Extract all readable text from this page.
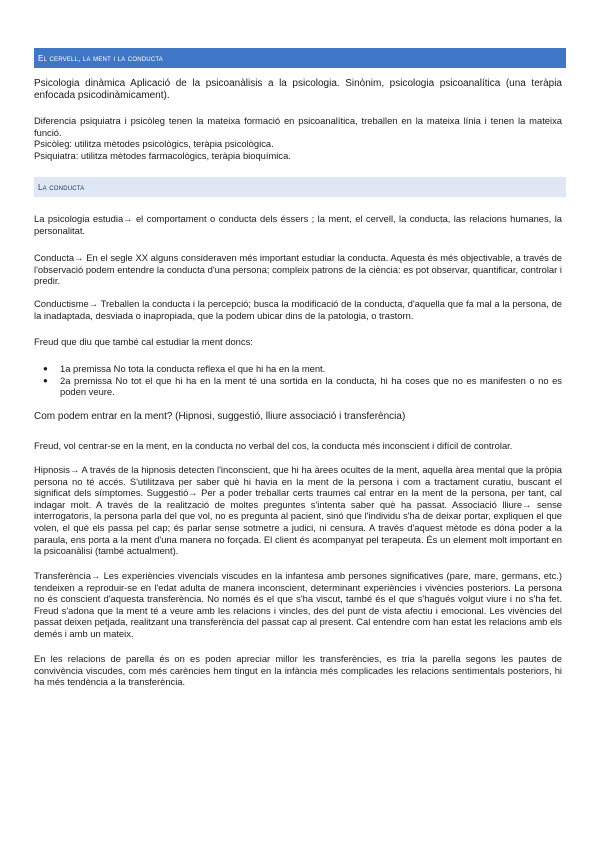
El cervell, la ment i la conducta

Psicologia dinàmica Aplicació de la psicoanàlisis a la psicologia. Sinònim, psicologia psicoanalítica (una teràpia enfocada psicodinàmicament).

Diferencia psiquiatra i psicòleg tenen la mateixa formació en psicoanalítica, treballen en la mateixa línia i tenen la mateixa funció.
Psicòleg: utilitza mètodes psicològics, teràpia psicològica.
Psiquiatra: utilitza mètodes farmacològics, teràpia bioquímica.
La conducta

La psicologia estudia→ el comportament o conducta dels éssers ; la ment, el cervell, la conducta, las relacions humanes, la personalitat.

Conducta→ En el segle XX alguns consideraven més important estudiar la conducta. Aquesta és més objectivable, a través de l'observació podem entendre la conducta d'una persona; compleix patrons de la ciència: es pot observar, quantificar, controlar i predir.

Conductisme→ Treballen la conducta i la percepció; busca la modificació de la conducta, d'aquella que fa mal a la persona, de la inadaptada, desviada o inapropiada, que la podem ubicar dins de la patologia, o trastorn.

Freud que diu que també cal estudiar la ment doncs:

● 1a premissa No tota la conducta reflexa el que hi ha en la ment.
● 2a premissa No tot el que hi ha en la ment té una sortida en la conducta, hi ha coses que no es manifesten o no es poden veure.

Com podem entrar en la ment? (Hipnosi, suggestió, lliure associació i transferència)

Freud, vol centrar-se en la ment, en la conducta no verbal del cos, la conducta més inconscient i difícil de controlar.

Hipnosis→ A través de la hipnosis detecten l'inconscient, que hi ha àrees ocultes de la ment, aquella àrea mental que la pròpia persona no té accés. S'utilitzava per saber què hi havia en la ment de la persona i com a tractament curatiu, buscant el significat dels símptomes. Suggestió→ Per a poder treballar certs traumes cal entrar en la ment de la persona, per tant, cal indagar molt. A través de la realització de moltes preguntes s'intenta saber què ha passat. Associació lliure→ sense interrogatoris, la persona parla del que vol, no es pregunta al pacient, sinó que l'individu s'ha de deixar portar, expliquen el que volen, el què els passa pel cap; és parlar sense sotmetre a judici, ni censura. A través d'aquest mètode es dóna poder a la paraula, ens porta a la ment d'una manera no forçada. El client és acompanyat pel terapeuta. És un element molt important en la psicoanàlisi (també actualment).

Transferència→ Les experiències vivencials viscudes en la infantesa amb persones significatives (pare, mare, germans, etc.) tendeixen a reproduir-se en l'edat adulta de manera inconscient, determinant experiències i vivències posteriors. La persona no és conscient d'aquesta transferència. No només és el que s'ha viscut, també és el que s'hagués volgut viure i no s'ha fet. Freud s'adona que la ment té a veure amb les relacions i vincles, des del punt de vista afectiu i emocional. Les vivències del passat deixen petjada, realitzant una transferència del passat cap al present. Cal entendre com han estat les relacions amb els demés i amb un mateix.

En les relacions de parella és on es poden apreciar millor les transferències, es tria la parella segons les pautes de convivència viscudes, com més carències hem tingut en la infància més complicades les relacions sentimentals posteriors, hi ha més tendència a la transferència.
